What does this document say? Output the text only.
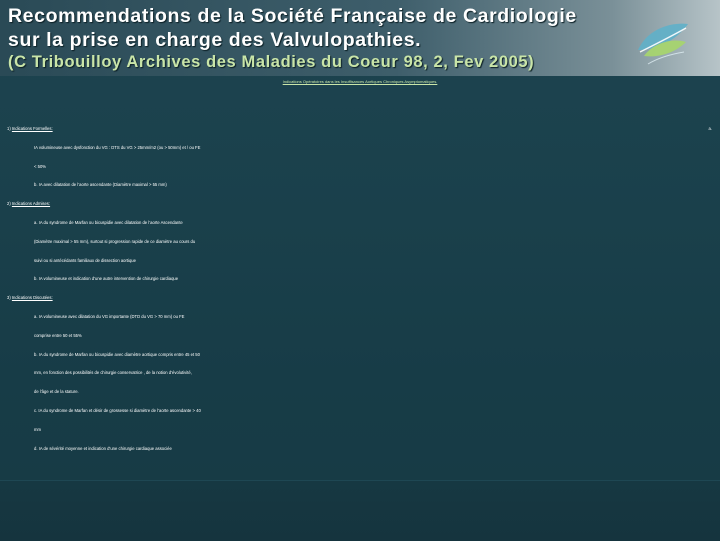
Recommendations de la Société Française de Cardiologie
sur la prise en charge des Valvulopathies.
(C Tribouilloy Archives des Maladies du Coeur 98, 2, Fev 2005)
Indications Opératoires dans les Insuffisances Aortiques Chroniques Asymptomatiques.
1) Indications Formelles:	a.
IA volumineuse avec dysfonction du VG : DTS du VG > 25mm/m2 (ou > 50mm) et / ou FE
< 50%
b. IA avec dilatation de l’aorte ascendante (Diamètre maximal > 55 mm)
2) Indications Admises:
a. IA du syndrome de Marfan ou bicuspidie avec dilatation de l’aorte Ascendante
(Diamètre maximal > 55 mm), surtout si progression rapide de ce diamètre au cours du
suivi ou si antécédants familiaux de dissection aortique
b. IA volumineuse et indication d’une autre intervention de chirurgie cardiaque
3) Indications Discutées:
a. IA volumineuse avec dilatation du VG importante (DTD du VG > 70 mm) ou FE
comprise entre 50 et 55%
b. IA du syndrome de Marfan ou bicuspidie avec diamètre aortique compris entre 45 et 50
mm, en fonction des possibilités de chirurgie conservatrice , de la notion d’évolutivité,
de l’âge et de la stature.
c. IA du syndrome de Marfan et désir de grossesse si diamètre de l’aorte ascendante > 40
mm
d. IA de sévérité moyenne et indication d’une chirurgie cardiaque associée
